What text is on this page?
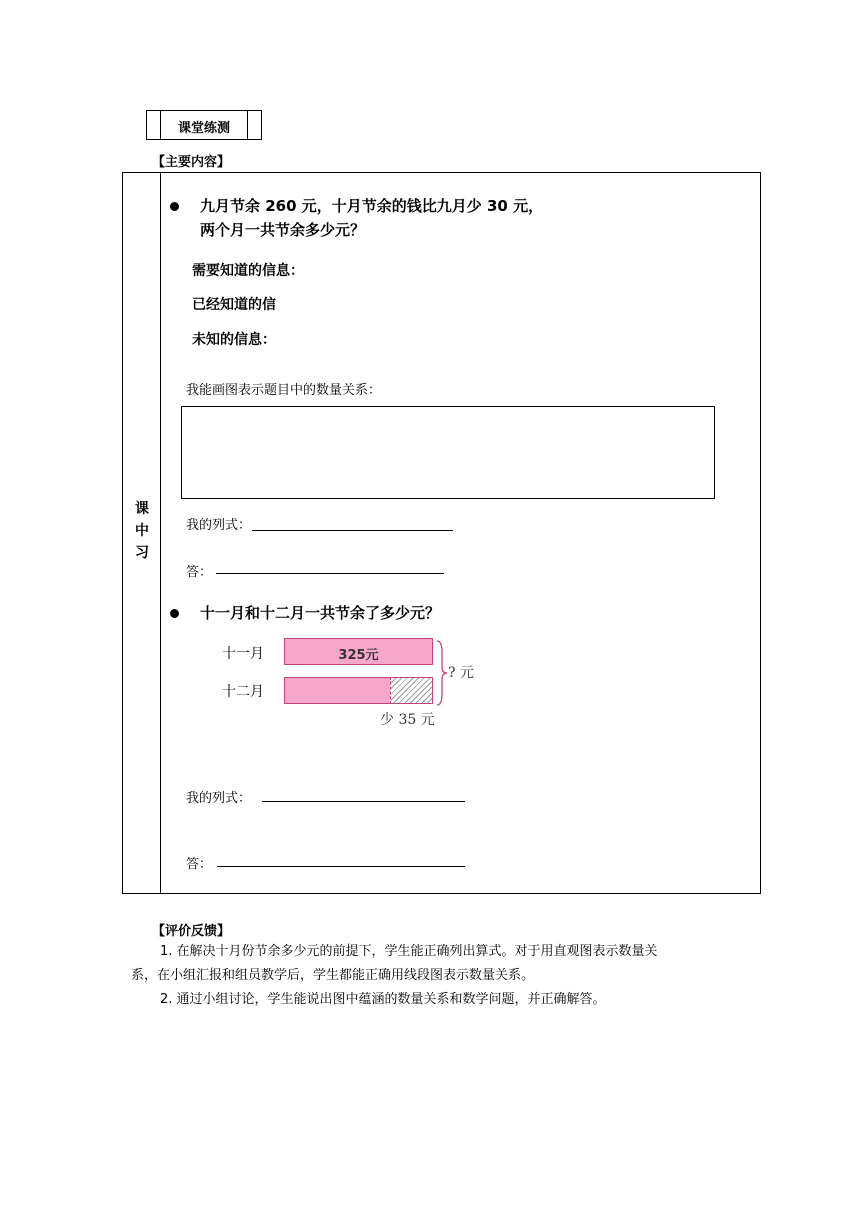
课堂练测
【主要内容】
课中习
九月节余 260 元，十月节余的钱比九月少 30 元，
两个月一共节余多少元？
需要知道的信息：
已经知道的信
未知的信息：
我能画图表示题目中的数量关系：
我的列式：
答：
十一月和十二月一共节余了多少元？
十一月
十二月
325元
? 元
少 35 元
我的列式：
答：
【评价反馈】
1. 在解决十月份节余多少元的前提下，学生能正确列出算式。对于用直观图表示数量关
系，在小组汇报和组员教学后，学生都能正确用线段图表示数量关系。
2. 通过小组讨论，学生能说出图中蕴涵的数量关系和数学问题，并正确解答。
